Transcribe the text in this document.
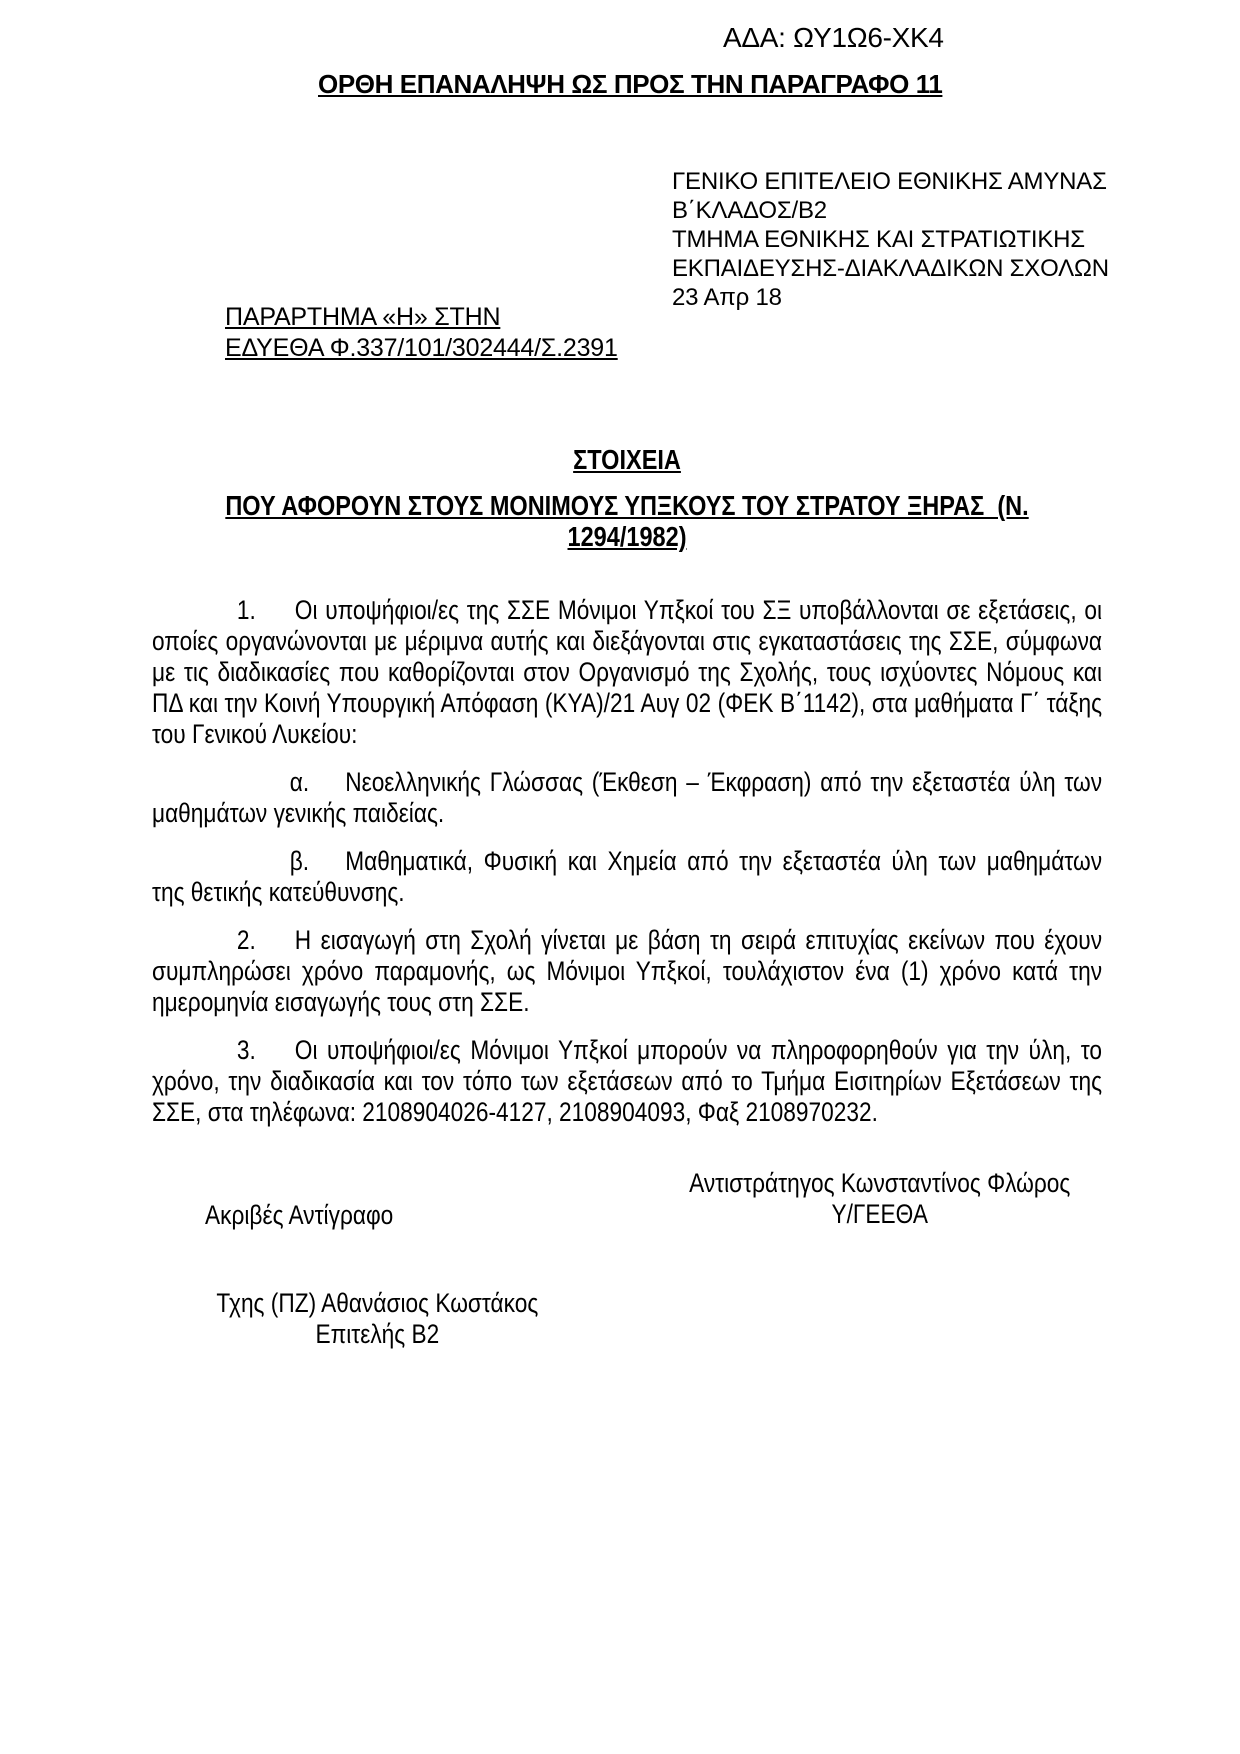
ΑΔΑ: ΩΥ1Ω6-ΧΚ4
ΟΡΘΗ ΕΠΑΝΑΛΗΨΗ ΩΣ ΠΡΟΣ ΤΗΝ ΠΑΡΑΓΡΑΦΟ 11
ΓΕΝΙΚΟ ΕΠΙΤΕΛΕΙΟ ΕΘΝΙΚΗΣ ΑΜΥΝΑΣ
Β΄ΚΛΑΔΟΣ/Β2
ΤΜΗΜΑ ΕΘΝΙΚΗΣ ΚΑΙ ΣΤΡΑΤΙΩΤΙΚΗΣ
ΕΚΠΑΙΔΕΥΣΗΣ-ΔΙΑΚΛΑΔΙΚΩΝ ΣΧΟΛΩΝ
23 Απρ 18
ΠΑΡΑΡΤΗΜΑ «Η» ΣΤΗΝ
ΕΔΥΕΘΑ Φ.337/101/302444/Σ.2391
ΣΤΟΙΧΕΙΑ
ΠΟΥ ΑΦΟΡΟΥΝ ΣΤΟΥΣ ΜΟΝΙΜΟΥΣ ΥΠΞΚΟΥΣ ΤΟΥ ΣΤΡΑΤΟΥ ΞΗΡΑΣ  (Ν.
1294/1982)

1. Οι υποψήφιοι/ες της ΣΣΕ Μόνιμοι Υπξκοί του ΣΞ υποβάλλονται σε εξετάσεις, οι οποίες οργανώνονται με μέριμνα αυτής και διεξάγονται στις εγκαταστάσεις της ΣΣΕ, σύμφωνα με τις διαδικασίες που καθορίζονται στον Οργανισμό της Σχολής, τους ισχύοντες Νόμους και ΠΔ και την Κοινή Υπουργική Απόφαση (ΚΥΑ)/21 Αυγ 02 (ΦΕΚ Β΄1142), στα μαθήματα Γ΄ τάξης του Γενικού Λυκείου:

α. Νεοελληνικής Γλώσσας (Έκθεση – Έκφραση) από την εξεταστέα ύλη των μαθημάτων γενικής παιδείας.

β. Μαθηματικά, Φυσική και Χημεία από την εξεταστέα ύλη των μαθημάτων της θετικής κατεύθυνσης.

2. Η εισαγωγή στη Σχολή γίνεται με βάση τη σειρά επιτυχίας εκείνων που έχουν συμπληρώσει χρόνο παραμονής, ως Μόνιμοι Υπξκοί, τουλάχιστον ένα (1) χρόνο κατά την ημερομηνία εισαγωγής τους στη ΣΣΕ.

3. Οι υποψήφιοι/ες Μόνιμοι Υπξκοί μπορούν να πληροφορηθούν για την ύλη, το χρόνο, την διαδικασία και τον τόπο των εξετάσεων από το Τμήμα Εισιτηρίων Εξετάσεων της ΣΣΕ, στα τηλέφωνα: 2108904026-4127, 2108904093, Φαξ 2108970232.

Αντιστράτηγος Κωνσταντίνος Φλώρος
Υ/ΓΕΕΘΑ
Ακριβές Αντίγραφο
Τχης (ΠΖ) Αθανάσιος Κωστάκος
Επιτελής Β2
